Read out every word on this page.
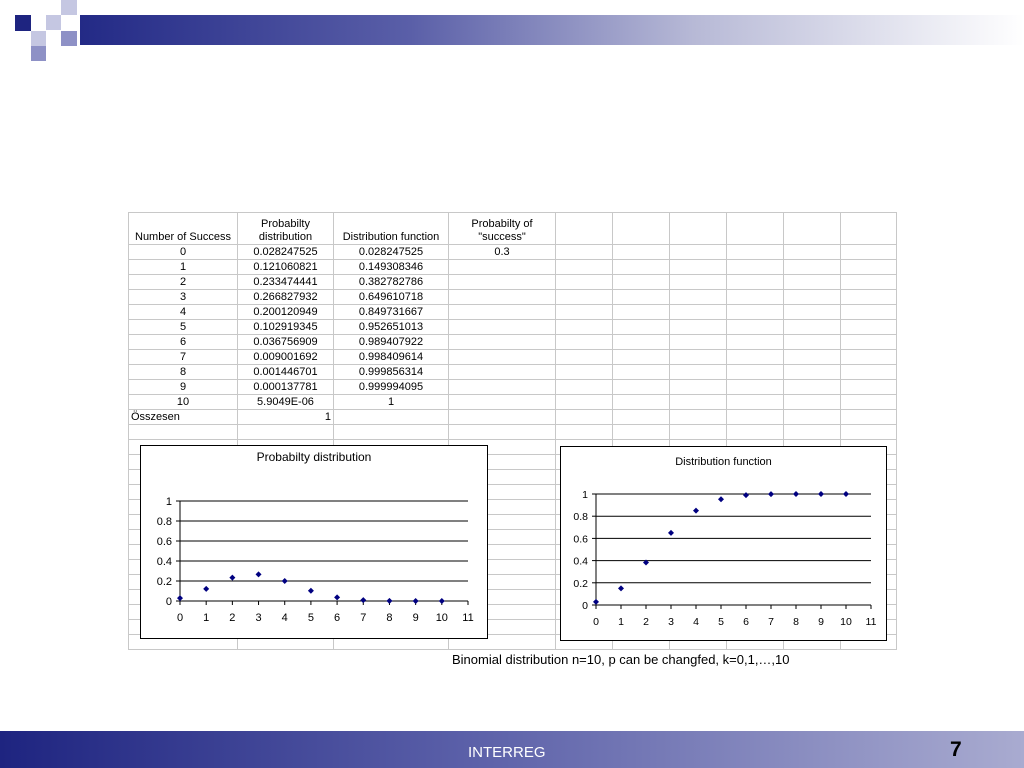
Number of Success	Probabilty distribution	Distribution function	Probabilty of "success"						
0	0.028247525	0.028247525	0.3						
1	0.121060821	0.149308346							
2	0.233474441	0.382782786							
3	0.266827932	0.649610718							
4	0.200120949	0.849731667							
5	0.102919345	0.952651013							
6	0.036756909	0.989407922							
7	0.009001692	0.998409614							
8	0.001446701	0.999856314							
9	0.000137781	0.999994095							
10	5.9049E-06	1							
Összesen	1								

Probabilty distribution
0
0.2
0.4
0.6
0.8
1
0 1 2 3 4 5 6 7 8 9 10 11
Distribution function
0
0.2
0.4
0.6
0.8
1
0 1 2 3 4 5 6 7 8 9 10 11
Binomial distribution n=10, p can be changfed, k=0,1,…,10
INTERREG	7
